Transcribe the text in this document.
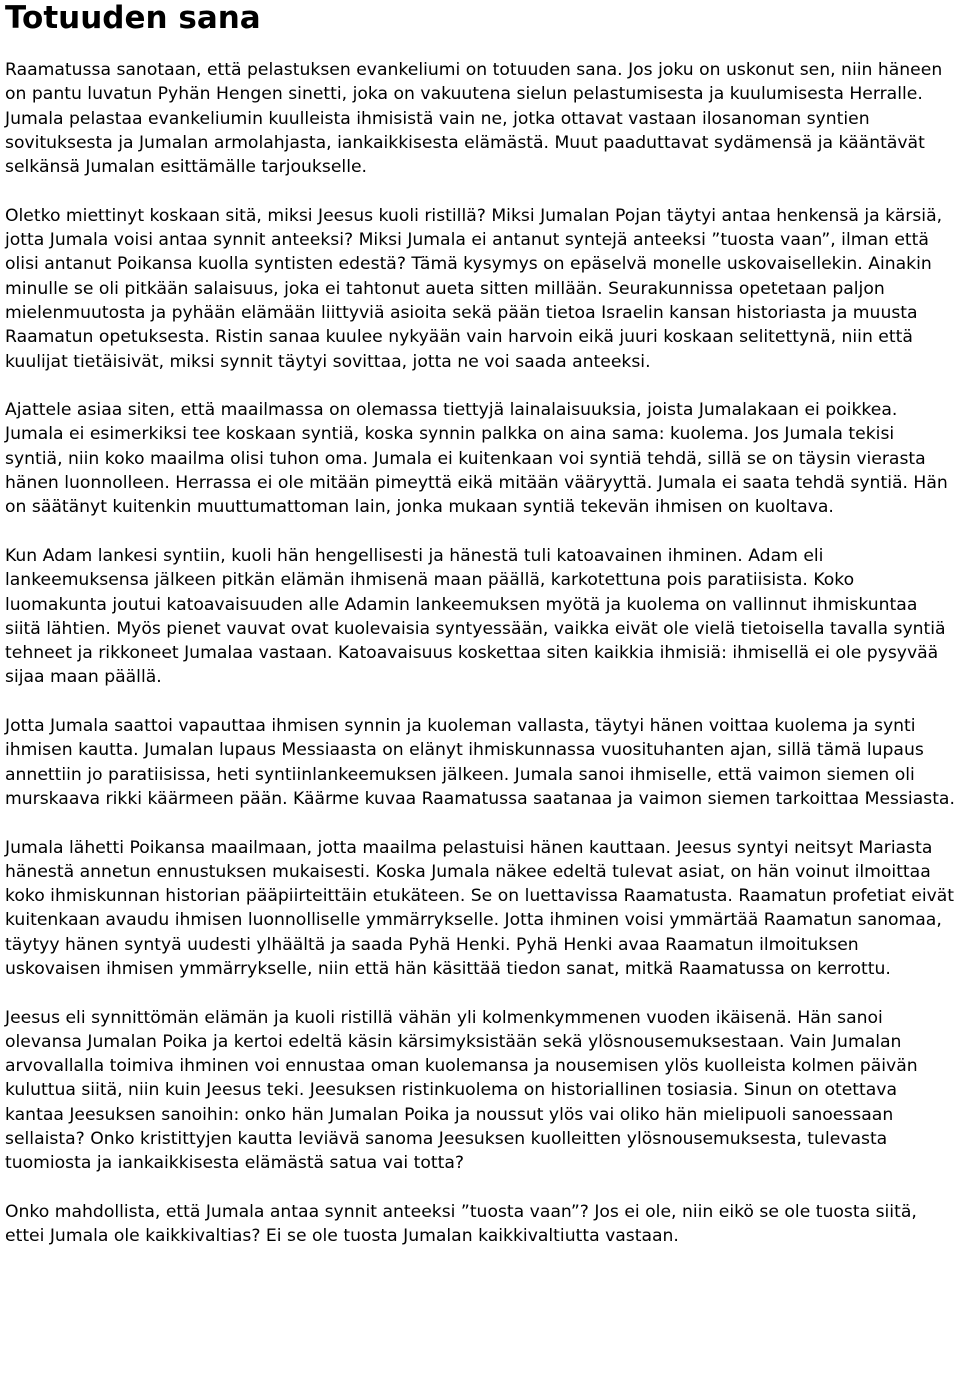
Totuuden sana

Raamatussa sanotaan, että pelastuksen evankeliumi on totuuden sana. Jos joku on uskonut sen, niin häneen on pantu luvatun Pyhän Hengen sinetti, joka on vakuutena sielun pelastumisesta ja kuulumisesta Herralle. Jumala pelastaa evankeliumin kuulleista ihmisistä vain ne, jotka ottavat vastaan ilosanoman syntien sovituksesta ja Jumalan armolahjasta, iankaikkisesta elämästä. Muut paaduttavat sydämensä ja kääntävät selkänsä Jumalan esittämälle tarjoukselle.

Oletko miettinyt koskaan sitä, miksi Jeesus kuoli ristillä? Miksi Jumalan Pojan täytyi antaa henkensä ja kärsiä, jotta Jumala voisi antaa synnit anteeksi? Miksi Jumala ei antanut syntejä anteeksi ”tuosta vaan”, ilman että olisi antanut Poikansa kuolla syntisten edestä? Tämä kysymys on epäselvä monelle uskovaisellekin. Ainakin minulle se oli pitkään salaisuus, joka ei tahtonut aueta sitten millään. Seurakunnissa opetetaan paljon mielenmuutosta ja pyhään elämään liittyviä asioita sekä pään tietoa Israelin kansan historiasta ja muusta Raamatun opetuksesta. Ristin sanaa kuulee nykyään vain harvoin eikä juuri koskaan selitettynä, niin että kuulijat tietäisivät, miksi synnit täytyi sovittaa, jotta ne voi saada anteeksi.

Ajattele asiaa siten, että maailmassa on olemassa tiettyjä lainalaisuuksia, joista Jumalakaan ei poikkea. Jumala ei esimerkiksi tee koskaan syntiä, koska synnin palkka on aina sama: kuolema. Jos Jumala tekisi syntiä, niin koko maailma olisi tuhon oma. Jumala ei kuitenkaan voi syntiä tehdä, sillä se on täysin vierasta hänen luonnolleen. Herrassa ei ole mitään pimeyttä eikä mitään vääryyttä. Jumala ei saata tehdä syntiä. Hän on säätänyt kuitenkin muuttumattoman lain, jonka mukaan syntiä tekevän ihmisen on kuoltava.

Kun Adam lankesi syntiin, kuoli hän hengellisesti ja hänestä tuli katoavainen ihminen. Adam eli lankeemuksensa jälkeen pitkän elämän ihmisenä maan päällä, karkotettuna pois paratiisista. Koko luomakunta joutui katoavaisuuden alle Adamin lankeemuksen myötä ja kuolema on vallinnut ihmiskuntaa siitä lähtien. Myös pienet vauvat ovat kuolevaisia syntyessään, vaikka eivät ole vielä tietoisella tavalla syntiä tehneet ja rikkoneet Jumalaa vastaan. Katoavaisuus koskettaa siten kaikkia ihmisiä: ihmisellä ei ole pysyvää sijaa maan päällä.

Jotta Jumala saattoi vapauttaa ihmisen synnin ja kuoleman vallasta, täytyi hänen voittaa kuolema ja synti ihmisen kautta. Jumalan lupaus Messiaasta on elänyt ihmiskunnassa vuosituhanten ajan, sillä tämä lupaus annettiin jo paratiisissa, heti syntiinlankeemuksen jälkeen. Jumala sanoi ihmiselle, että vaimon siemen oli murskaava rikki käärmeen pään. Käärme kuvaa Raamatussa saatanaa ja vaimon siemen tarkoittaa Messiasta.

Jumala lähetti Poikansa maailmaan, jotta maailma pelastuisi hänen kauttaan. Jeesus syntyi neitsyt Mariasta hänestä annetun ennustuksen mukaisesti. Koska Jumala näkee edeltä tulevat asiat, on hän voinut ilmoittaa koko ihmiskunnan historian pääpiirteittäin etukäteen. Se on luettavissa Raamatusta. Raamatun profetiat eivät kuitenkaan avaudu ihmisen luonnolliselle ymmärrykselle. Jotta ihminen voisi ymmärtää Raamatun sanomaa, täytyy hänen syntyä uudesti ylhäältä ja saada Pyhä Henki. Pyhä Henki avaa Raamatun ilmoituksen uskovaisen ihmisen ymmärrykselle, niin että hän käsittää tiedon sanat, mitkä Raamatussa on kerrottu.

Jeesus eli synnittömän elämän ja kuoli ristillä vähän yli kolmenkymmenen vuoden ikäisenä. Hän sanoi olevansa Jumalan Poika ja kertoi edeltä käsin kärsimyksistään sekä ylösnousemuksestaan. Vain Jumalan arvovallalla toimiva ihminen voi ennustaa oman kuolemansa ja nousemisen ylös kuolleista kolmen päivän kuluttua siitä, niin kuin Jeesus teki. Jeesuksen ristinkuolema on historiallinen tosiasia. Sinun on otettava kantaa Jeesuksen sanoihin: onko hän Jumalan Poika ja noussut ylös vai oliko hän mielipuoli sanoessaan sellaista? Onko kristittyjen kautta leviävä sanoma Jeesuksen kuolleitten ylösnousemuksesta, tulevasta tuomiosta ja iankaikkisesta elämästä satua vai totta?

Onko mahdollista, että Jumala antaa synnit anteeksi ”tuosta vaan”? Jos ei ole, niin eikö se ole tuosta siitä, ettei Jumala ole kaikkivaltias? Ei se ole tuosta Jumalan kaikkivaltiutta vastaan.
